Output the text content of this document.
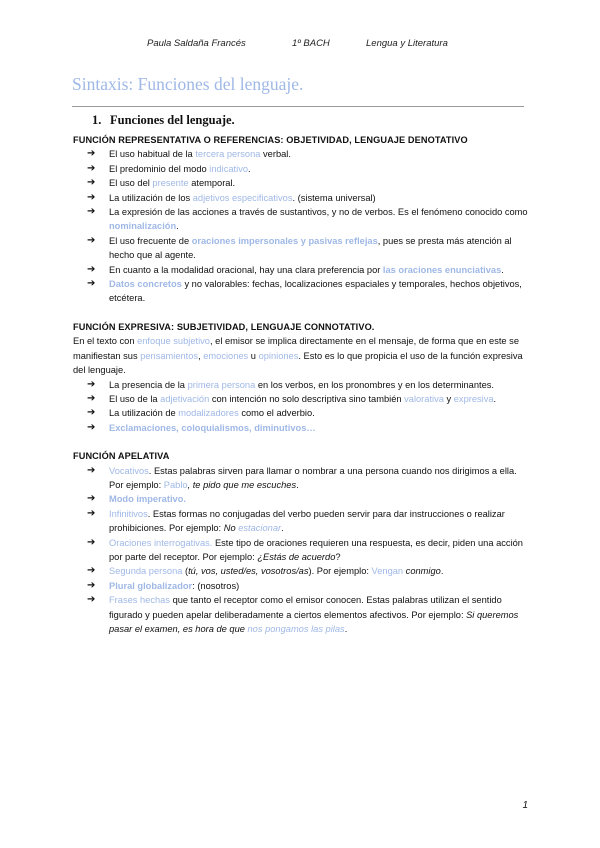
Paula Saldaña Francés	1º BACH	Lengua y Literatura
Sintaxis: Funciones del lenguaje.
1. Funciones del lenguaje.

FUNCIÓN REPRESENTATIVA O REFERENCIAS: OBJETIVIDAD, LENGUAJE DENOTATIVO

➔ El uso habitual de la tercera persona verbal.
➔ El predominio del modo indicativo.
➔ El uso del presente atemporal.
➔ La utilización de los adjetivos especificativos. (sistema universal)
➔ La expresión de las acciones a través de sustantivos, y no de verbos. Es el fenómeno conocido como nominalización.
➔ El uso frecuente de oraciones impersonales y pasivas reflejas, pues se presta más atención al hecho que al agente.
➔ En cuanto a la modalidad oracional, hay una clara preferencia por las oraciones enunciativas.
➔ Datos concretos y no valorables: fechas, localizaciones espaciales y temporales, hechos objetivos, etcétera.

FUNCIÓN EXPRESIVA: SUBJETIVIDAD, LENGUAJE CONNOTATIVO.

En el texto con enfoque subjetivo, el emisor se implica directamente en el mensaje, de forma que en este se manifiestan sus pensamientos, emociones u opiniones. Esto es lo que propicia el uso de la función expresiva del lenguaje.

➔ La presencia de la primera persona en los verbos, en los pronombres y en los determinantes.
➔ El uso de la adjetivación con intención no solo descriptiva sino también valorativa y expresiva.
➔ La utilización de modalizadores como el adverbio.
➔ Exclamaciones, coloquialismos, diminutivos…

FUNCIÓN APELATIVA

➔ Vocativos. Estas palabras sirven para llamar o nombrar a una persona cuando nos dirigimos a ella. Por ejemplo: Pablo, te pido que me escuches.
➔ Modo imperativo.
➔ Infinitivos. Estas formas no conjugadas del verbo pueden servir para dar instrucciones o realizar prohibiciones. Por ejemplo: No estacionar.
➔ Oraciones interrogativas. Este tipo de oraciones requieren una respuesta, es decir, piden una acción por parte del receptor. Por ejemplo: ¿Estás de acuerdo?
➔ Segunda persona (tú, vos, usted/es, vosotros/as). Por ejemplo: Vengan conmigo.
➔ Plural globalizador: (nosotros)
➔ Frases hechas que tanto el receptor como el emisor conocen. Estas palabras utilizan el sentido figurado y pueden apelar deliberadamente a ciertos elementos afectivos. Por ejemplo: Si queremos pasar el examen, es hora de que nos pongamos las pilas.
1
